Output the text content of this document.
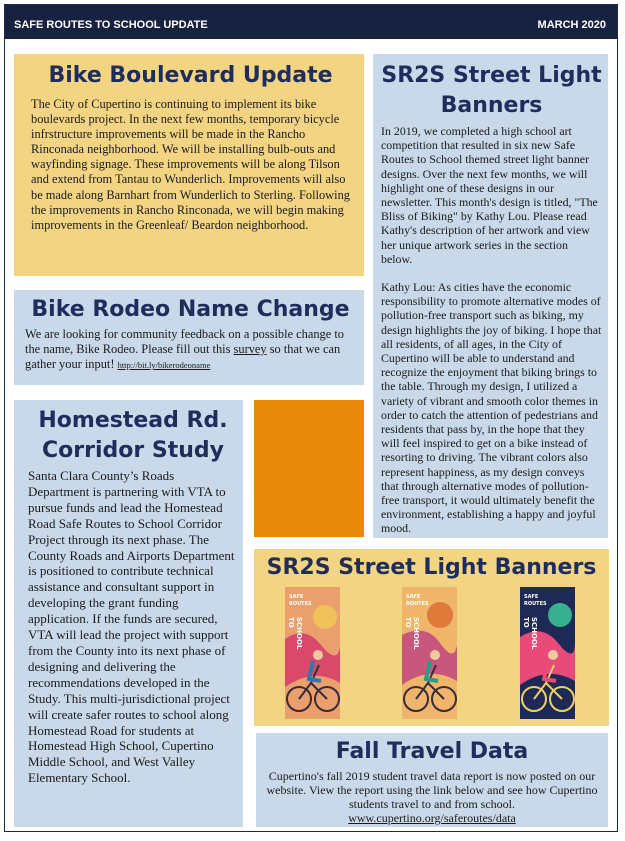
SAFE ROUTES TO SCHOOL UPDATE	MARCH 2020
Bike Boulevard Update
The City of Cupertino is continuing to implement its bike boulevards project. In the next few months, temporary bicycle infrstructure improvements will be made in the Rancho Rinconada neighborhood. We will be installing bulb-outs and wayfinding signage. These improvements will be along Tilson and extend from Tantau to Wunderlich. Improvements will also be made along Barnhart from Wunderlich to Sterling. Following the improvements in Rancho Rinconada, we will begin making improvements in the Greenleaf/ Beardon neighborhood.
Bike Rodeo Name Change
We are looking for community feedback on a possible change to the name, Bike Rodeo. Please fill out this survey so that we can gather your input! http://bit.ly/bikerodeoname
Homestead Rd.
Corridor Study
Santa Clara County’s Roads Department is partnering with VTA to pursue funds and lead the Homestead Road Safe Routes to School Corridor Project through its next phase. The County Roads and Airports Department is positioned to contribute technical assistance and consultant support in developing the grant funding application. If the funds are secured, VTA will lead the project with support from the County into its next phase of designing and delivering the recommendations developed in the Study. This multi-jurisdictional project will create safer routes to school along Homestead Road for students at Homestead High School, Cupertino Middle School, and West Valley Elementary School.
SR2S Street Light
Banners
In 2019, we completed a high school art competition that resulted in six new Safe Routes to School themed street light banner designs. Over the next few months, we will highlight one of these designs in our newsletter. This month's design is titled, "The Bliss of Biking" by Kathy Lou. Please read Kathy's description of her artwork and view her unique artwork series in the section below.
Kathy Lou: As cities have the economic responsibility to promote alternative modes of pollution-free transport such as biking, my design highlights the joy of biking. I hope that all residents, of all ages, in the City of Cupertino will be able to understand and recognize the enjoyment that biking brings to the table. Through my design, I utilized a variety of vibrant and smooth color themes in order to catch the attention of pedestrians and residents that pass by, in the hope that they will feel inspired to get on a bike instead of resorting to driving. The vibrant colors also represent happiness, as my design conveys that through alternative modes of pollution-free transport, it would ultimately benefit the environment, establishing a happy and joyful mood.
SR2S Street Light Banners
SAFE
ROUTES
TO SCHOOL
SAFE
ROUTES
TO SCHOOL
SAFE
ROUTES
TO SCHOOL
Fall Travel Data
Cupertino's fall 2019 student travel data report is now posted on our website. View the report using the link below and see how Cupertino students travel to and from school.
www.cupertino.org/saferoutes/data
